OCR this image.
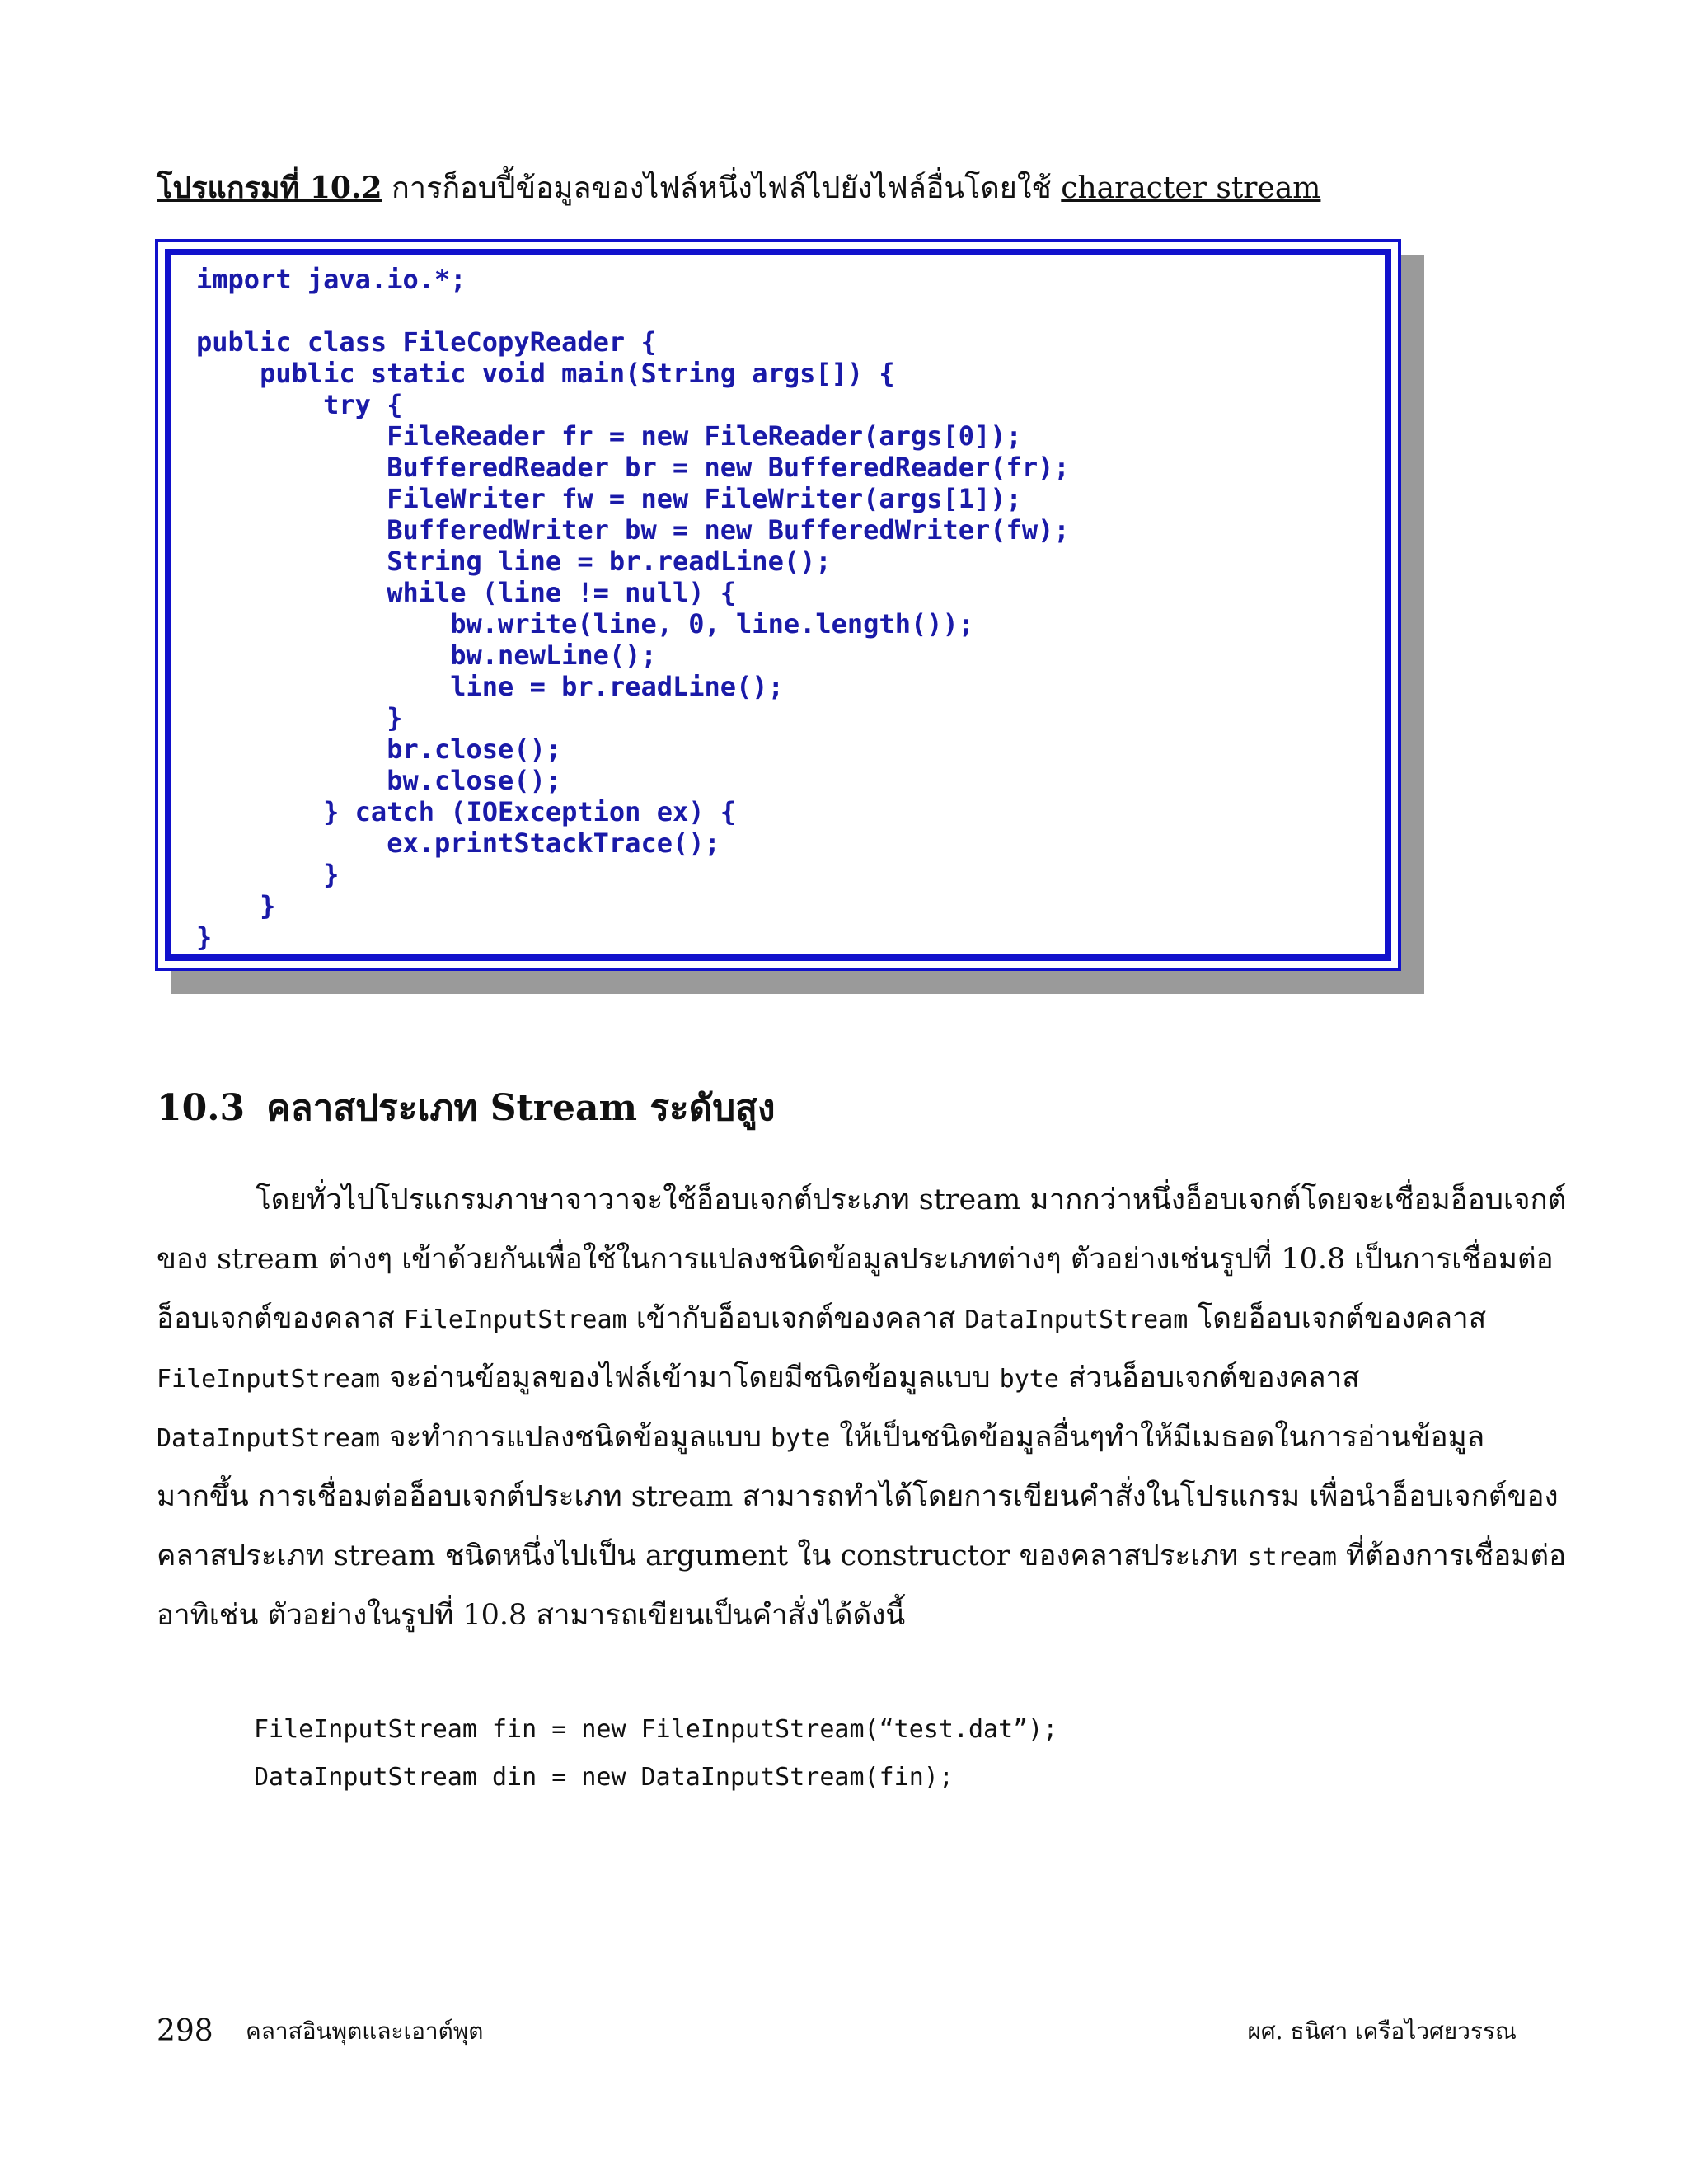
โปรแกรมที่ 10.2 การก็อบปี้ข้อมูลของไฟล์หนึ่งไฟล์ไปยังไฟล์อื่นโดยใช้ character stream
import java.io.*;
public class FileCopyReader {
public static void main(String args[]) {
try {
FileReader fr = new FileReader(args[0]);
BufferedReader br = new BufferedReader(fr);
FileWriter fw = new FileWriter(args[1]);
BufferedWriter bw = new BufferedWriter(fw);
String line = br.readLine();
while (line != null) {
bw.write(line, 0, line.length());
bw.newLine();
line = br.readLine();
}
br.close();
bw.close();
} catch (IOException ex) {
ex.printStackTrace();
}
}
}
10.3 คลาสประเภท Stream ระดับสูง
โดยทั่วไปโปรแกรมภาษาจาวาจะใช้อ็อบเจกต์ประเภท stream มากกว่าหนึ่งอ็อบเจกต์โดยจะเชื่อมอ็อบเจกต์
ของ stream ต่างๆ เข้าด้วยกันเพื่อใช้ในการแปลงชนิดข้อมูลประเภทต่างๆ ตัวอย่างเช่นรูปที่ 10.8 เป็นการเชื่อมต่อ
อ็อบเจกต์ของคลาส FileInputStream เข้ากับอ็อบเจกต์ของคลาส DataInputStream โดยอ็อบเจกต์ของคลาส
FileInputStream จะอ่านข้อมูลของไฟล์เข้ามาโดยมีชนิดข้อมูลแบบ byte ส่วนอ็อบเจกต์ของคลาส
DataInputStream จะทำการแปลงชนิดข้อมูลแบบ byte ให้เป็นชนิดข้อมูลอื่นๆทำให้มีเมธอดในการอ่านข้อมูล
มากขึ้น การเชื่อมต่ออ็อบเจกต์ประเภท stream สามารถทำได้โดยการเขียนคำสั่งในโปรแกรม เพื่อนำอ็อบเจกต์ของ
คลาสประเภท stream ชนิดหนึ่งไปเป็น argument ใน constructor ของคลาสประเภท stream ที่ต้องการเชื่อมต่อ
อาทิเช่น ตัวอย่างในรูปที่ 10.8 สามารถเขียนเป็นคำสั่งได้ดังนี้
FileInputStream fin = new FileInputStream(“test.dat”);
DataInputStream din = new DataInputStream(fin);
298 คลาสอินพุตและเอาต์พุต	ผศ. ธนิศา เครือไวศยวรรณ
